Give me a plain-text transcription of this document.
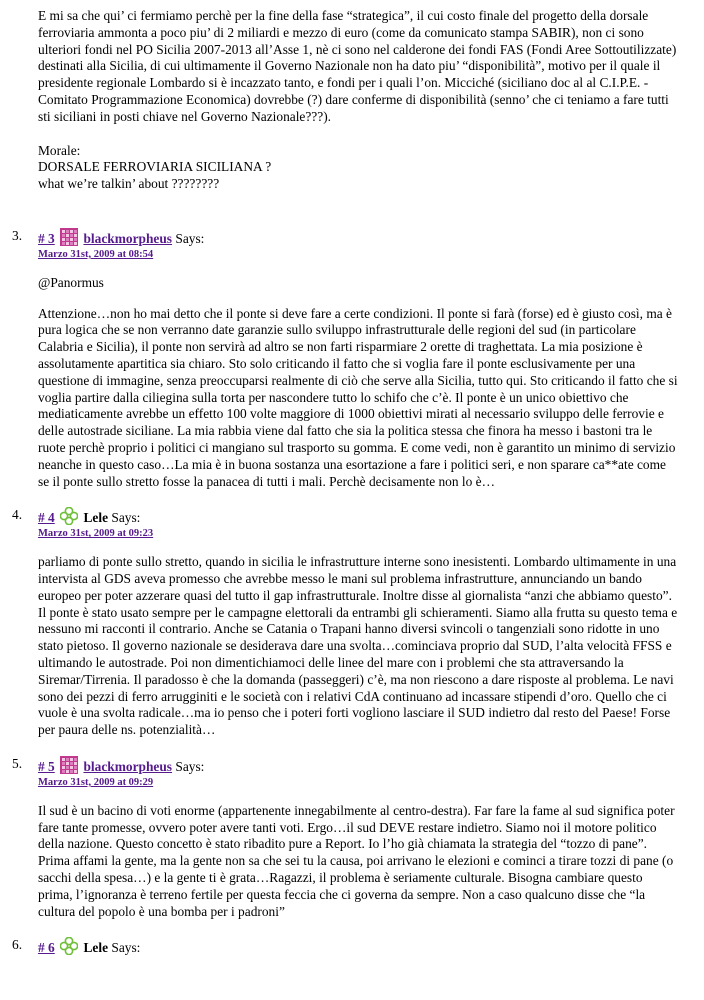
E mi sa che qui’ ci fermiamo perchè per la fine della fase “strategica”, il cui costo finale del progetto della dorsale ferroviaria ammonta a poco piu’ di 2 miliardi e mezzo di euro (come da comunicato stampa SABIR), non ci sono ulteriori fondi nel PO Sicilia 2007-2013 all’Asse 1, nè ci sono nel calderone dei fondi FAS (Fondi Aree Sottoutilizzate) destinati alla Sicilia, di cui ultimamente il Governo Nazionale non ha dato piu’ “disponibilità”, motivo per il quale il presidente regionale Lombardo si è incazzato tanto, e fondi per i quali l’on. Micciché (siciliano doc al al C.I.P.E. - Comitato Programmazione Economica) dovrebbe (?) dare conferme di disponibilità (senno’ che ci teniamo a fare tutti sti siciliani in posti chiave nel Governo Nazionale???).

Morale:
DORSALE FERROVIARIA SICILIANA ?
what we’re talkin’ about ????????

3. # 3 blackmorpheus Says:
Marzo 31st, 2009 at 08:54

@Panormus

Attenzione…non ho mai detto che il ponte si deve fare a certe condizioni. Il ponte si farà (forse) ed è giusto così, ma è pura logica che se non verranno date garanzie sullo sviluppo infrastrutturale delle regioni del sud (in particolare Calabria e Sicilia), il ponte non servirà ad altro se non farti risparmiare 2 orette di traghettata. La mia posizione è assolutamente apartitica sia chiaro. Sto solo criticando il fatto che si voglia fare il ponte esclusivamente per una questione di immagine, senza preoccuparsi realmente di ciò che serve alla Sicilia, tutto qui. Sto criticando il fatto che si voglia partire dalla ciliegina sulla torta per nascondere tutto lo schifo che c’è. Il ponte è un unico obiettivo che mediaticamente avrebbe un effetto 100 volte maggiore di 1000 obiettivi mirati al necessario sviluppo delle ferrovie e delle autostrade siciliane. La mia rabbia viene dal fatto che sia la politica stessa che finora ha messo i bastoni tra le ruote perchè proprio i politici ci mangiano sul trasporto su gomma. E come vedi, non è garantito un minimo di servizio neanche in questo caso…La mia è in buona sostanza una esortazione a fare i politici seri, e non sparare ca**ate come se il ponte sullo stretto fosse la panacea di tutti i mali. Perchè decisamente non lo è…

4. # 4 Lele Says:
Marzo 31st, 2009 at 09:23

parliamo di ponte sullo stretto, quando in sicilia le infrastrutture interne sono inesistenti. Lombardo ultimamente in una intervista al GDS aveva promesso che avrebbe messo le mani sul problema infrastrutture, annunciando un bando europeo per poter azzerare quasi del tutto il gap infrastrutturale. Inoltre disse al giornalista “anzi che abbiamo questo”. Il ponte è stato usato sempre per le campagne elettorali da entrambi gli schieramenti. Siamo alla frutta su questo tema e nessuno mi racconti il contrario. Anche se Catania o Trapani hanno diversi svincoli o tangenziali sono ridotte in uno stato pietoso. Il governo nazionale se desiderava dare una svolta…cominciava proprio dal SUD, l’alta velocità FFSS e ultimando le autostrade. Poi non dimentichiamoci delle linee del mare con i problemi che sta attraversando la Siremar/Tirrenia. Il paradosso è che la domanda (passeggeri) c’è, ma non riescono a dare risposte al problema. Le navi sono dei pezzi di ferro arrugginiti e le società con i relativi CdA continuano ad incassare stipendi d’oro. Quello che ci vuole è una svolta radicale…ma io penso che i poteri forti vogliono lasciare il SUD indietro dal resto del Paese! Forse per paura delle ns. potenzialità…

5. # 5 blackmorpheus Says:
Marzo 31st, 2009 at 09:29

Il sud è un bacino di voti enorme (appartenente innegabilmente al centro-destra). Far fare la fame al sud significa poter fare tante promesse, ovvero poter avere tanti voti. Ergo…il sud DEVE restare indietro. Siamo noi il motore politico della nazione. Questo concetto è stato ribadito pure a Report. Io l’ho già chiamata la strategia del “tozzo di pane”. Prima affami la gente, ma la gente non sa che sei tu la causa, poi arrivano le elezioni e cominci a tirare tozzi di pane (o sacchi della spesa…) e la gente ti è grata…Ragazzi, il problema è seriamente culturale. Bisogna cambiare questo prima, l’ignoranza è terreno fertile per questa feccia che ci governa da sempre. Non a caso qualcuno disse che “la cultura del popolo è una bomba per i padroni”

6. # 6 Lele Says:
